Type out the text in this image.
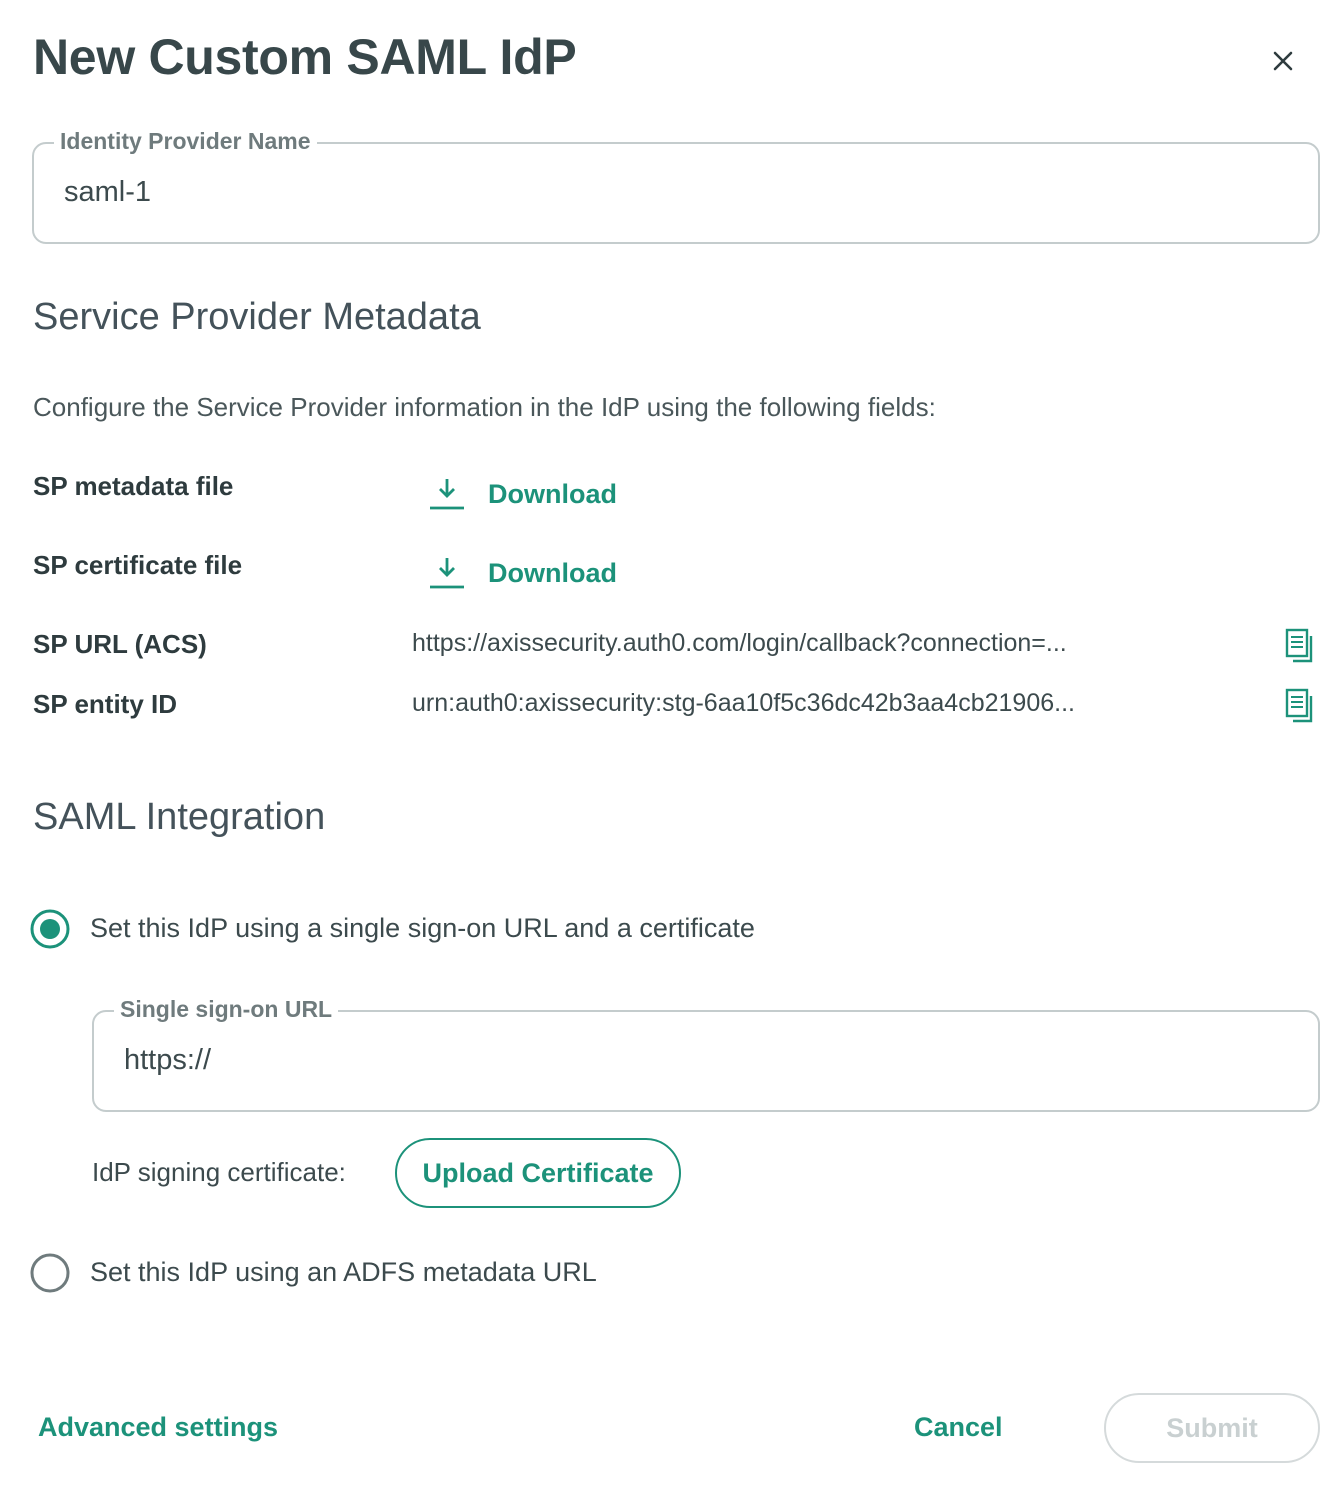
New Custom SAML IdP
Identity Provider Name
saml-1
Service Provider Metadata
Configure the Service Provider information in the IdP using the following fields:
SP metadata file	Download
SP certificate file	Download
SP URL (ACS)	https://axissecurity.auth0.com/login/callback?connection=...
SP entity ID	urn:auth0:axissecurity:stg-6aa10f5c36dc42b3aa4cb21906...
SAML Integration
Set this IdP using a single sign-on URL and a certificate
Single sign-on URL
https://
IdP signing certificate:	Upload Certificate
Set this IdP using an ADFS metadata URL
Advanced settings	Cancel	Submit
